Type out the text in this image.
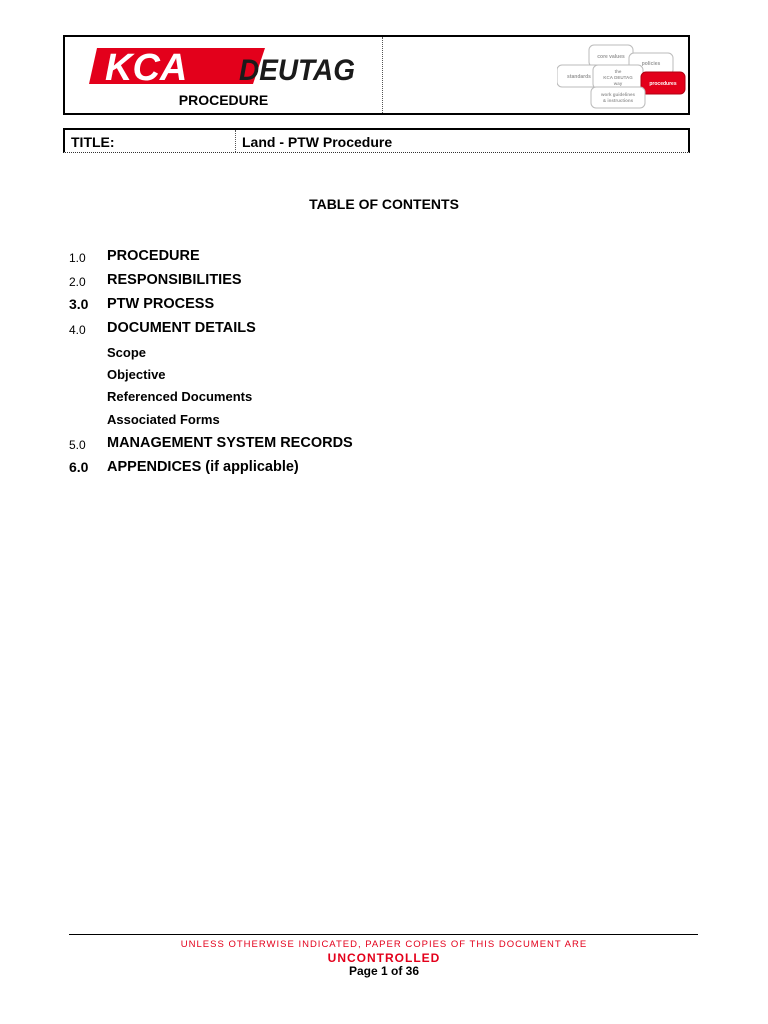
KCA DEUTAG
PROCEDURE
core values
policies
standards
the
KCA DEUTAG
way	procedures
work guidelines
& instructions
TITLE:	Land - PTW Procedure
TABLE OF CONTENTS
1.0 PROCEDURE
2.0 RESPONSIBILITIES
3.0 PTW PROCESS
4.0 DOCUMENT DETAILS
Scope
Objective
Referenced Documents
Associated Forms
5.0 MANAGEMENT SYSTEM RECORDS
6.0 APPENDICES (if applicable)
UNLESS OTHERWISE INDICATED, PAPER COPIES OF THIS DOCUMENT ARE
UNCONTROLLED
Page 1 of 36
